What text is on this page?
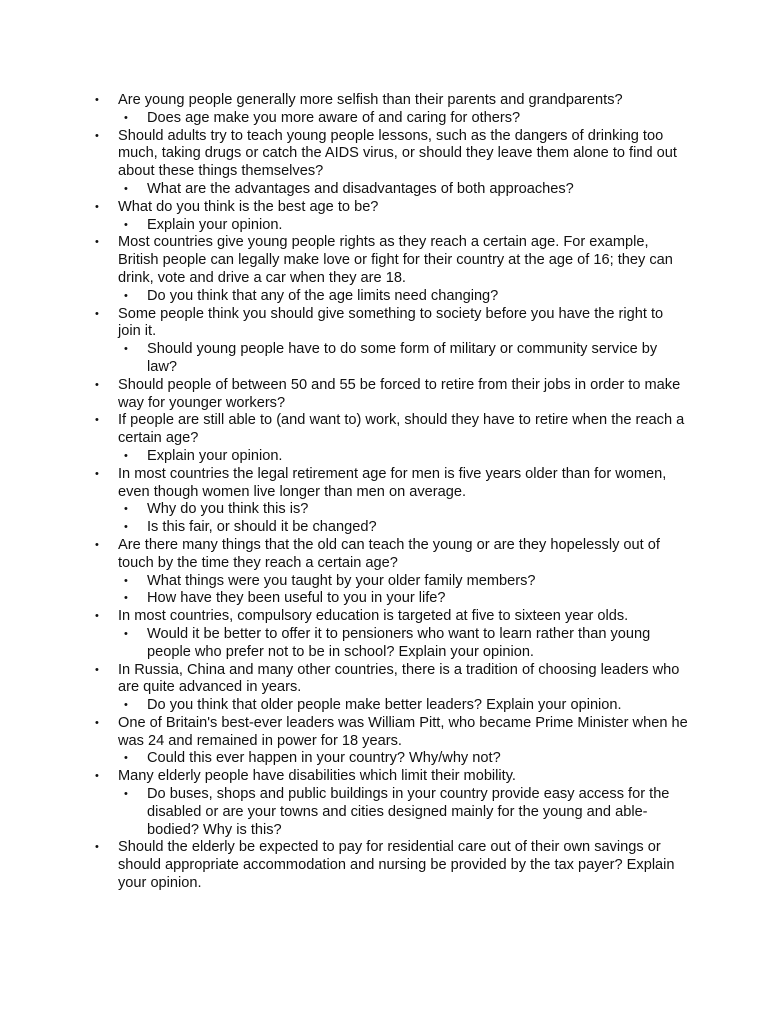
• Are young people generally more selfish than their parents and grandparents?
• Does age make you more aware of and caring for others?
• Should adults try to teach young people lessons, such as the dangers of drinking too much, taking drugs or catch the AIDS virus, or should they leave them alone to find out about these things themselves?
• What are the advantages and disadvantages of both approaches?
• What do you think is the best age to be?
• Explain your opinion.
• Most countries give young people rights as they reach a certain age. For example, British people can legally make love or fight for their country at the age of 16; they can drink, vote and drive a car when they are 18.
• Do you think that any of the age limits need changing?
• Some people think you should give something to society before you have the right to join it.
• Should young people have to do some form of military or community service by law?
• Should people of between 50 and 55 be forced to retire from their jobs in order to make way for younger workers?
• If people are still able to (and want to) work, should they have to retire when the reach a certain age?
• Explain your opinion.
• In most countries the legal retirement age for men is five years older than for women, even though women live longer than men on average.
• Why do you think this is?
• Is this fair, or should it be changed?
• Are there many things that the old can teach the young or are they hopelessly out of touch by the time they reach a certain age?
• What things were you taught by your older family members?
• How have they been useful to you in your life?
• In most countries, compulsory education is targeted at five to sixteen year olds.
• Would it be better to offer it to pensioners who want to learn rather than young people who prefer not to be in school? Explain your opinion.
• In Russia, China and many other countries, there is a tradition of choosing leaders who are quite advanced in years.
• Do you think that older people make better leaders? Explain your opinion.
• One of Britain's best-ever leaders was William Pitt, who became Prime Minister when he was 24 and remained in power for 18 years.
• Could this ever happen in your country? Why/why not?
• Many elderly people have disabilities which limit their mobility.
• Do buses, shops and public buildings in your country provide easy access for the disabled or are your towns and cities designed mainly for the young and able-bodied? Why is this?
• Should the elderly be expected to pay for residential care out of their own savings or should appropriate accommodation and nursing be provided by the tax payer? Explain your opinion.
